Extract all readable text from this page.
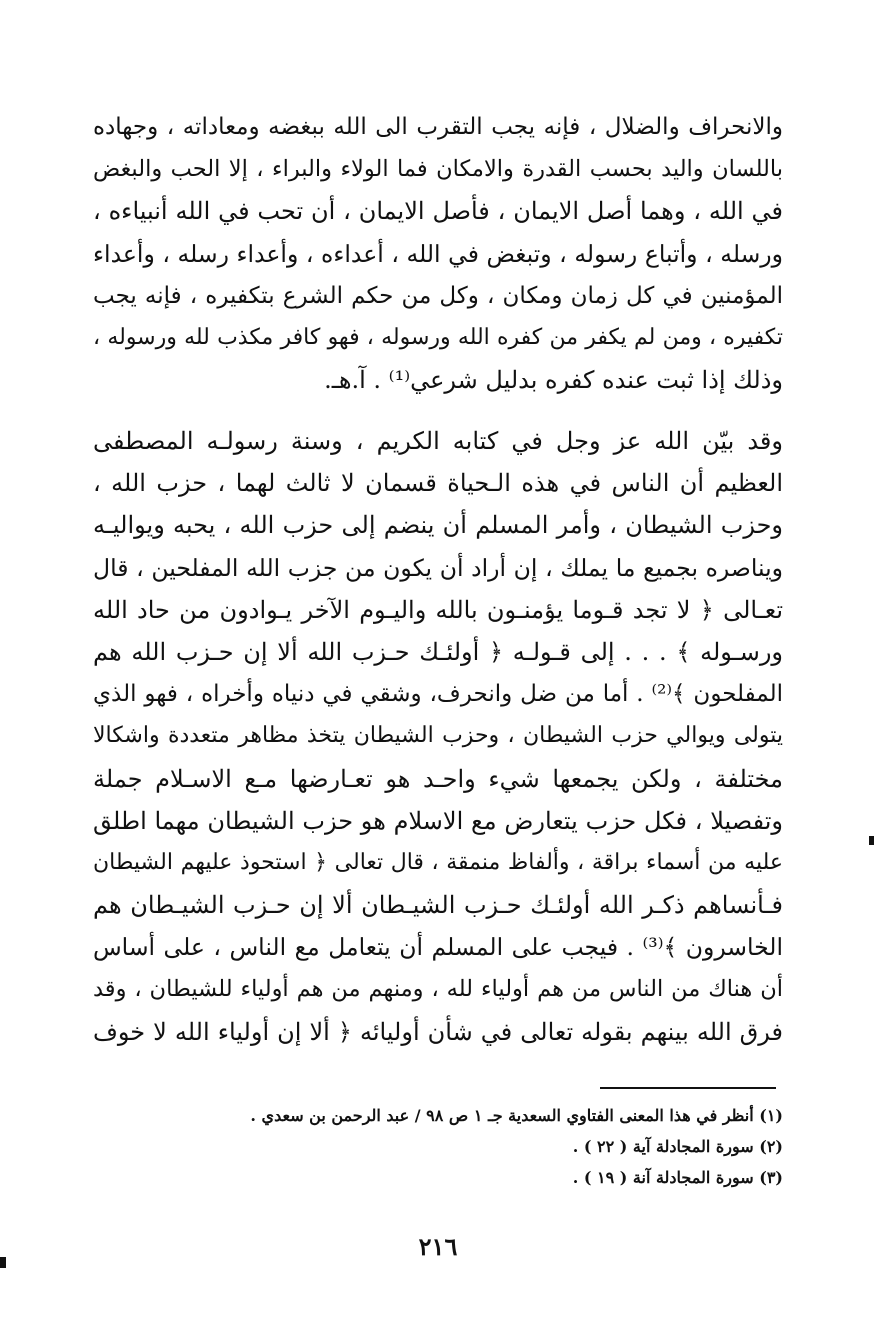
والانحراف والضلال ، فإنه يجب التقرب الى الله ببغضه ومعاداته ، وجهاده
باللسان واليد بحسب القدرة والامكان فما الولاء والبراء ، إلا الحب والبغض
في الله ، وهما أصل الايمان ، فأصل الايمان ، أن تحب في الله أنبياءه ،
ورسله ، وأتباع رسوله ، وتبغض في الله ، أعداءه ، وأعداء رسله ، وأعداء
المؤمنين في كل زمان ومكان ، وكل من حكم الشرع بتكفيره ، فإنه يجب
تكفيره ، ومن لم يكفر من كفره الله ورسوله ، فهو كافر مكذب لله ورسوله ،
وذلك إذا ثبت عنده كفره بدليل شرعي⁽¹⁾ . آ.هـ.
وقد بيّن الله عز وجل في كتابه الكريم ، وسنة رسولـه المصطفى
العظيم أن الناس في هذه الـحياة قسمان لا ثالث لهما ، حزب الله ،
وحزب الشيطان ، وأمر المسلم أن ينضم إلى حزب الله ، يحبه ويواليـه
ويناصره بجميع ما يملك ، إن أراد أن يكون من جزب الله المفلحين ، قال
تعـالى ﴿ لا تجد قـوما يؤمنـون بالله واليـوم الآخر يـوادون من حاد الله
ورسـوله ﴾ . . . إلى قـولـه ﴿ أولئـك حـزب الله ألا إن حـزب الله هم
المفلحون ﴾⁽²⁾ . أما من ضل وانحرف، وشقي في دنياه وأخراه ، فهو الذي
يتولى ويوالي حزب الشيطان ، وحزب الشيطان يتخذ مظاهر متعددة واشكالا
مختلفة ، ولكن يجمعها شيء واحـد هو تعـارضها مـع الاسـلام جملة
وتفصيلا ، فكل حزب يتعارض مع الاسلام هو حزب الشيطان مهما اطلق
عليه من أسماء براقة ، وألفاظ منمقة ، قال تعالى ﴿ استحوذ عليهم الشيطان
فـأنساهم ذكـر الله أولئـك حـزب الشيـطان ألا إن حـزب الشيـطان هم
الخاسرون ﴾⁽³⁾ . فيجب على المسلم أن يتعامل مع الناس ، على أساس
أن هناك من الناس من هم أولياء لله ، ومنهم من هم أولياء للشيطان ، وقد
فرق الله بينهم بقوله تعالى في شأن أوليائه ﴿ ألا إن أولياء الله لا خوف
(١) أنظر في هذا المعنى الفتاوي السعدية جـ ١ ص ٩٨ / عبد الرحمن بن سعدي .
(٢) سورة المجادلة آية ( ٢٢ ) .
(٣) سورة المجادلة آنة ( ١٩ ) .
٢١٦
